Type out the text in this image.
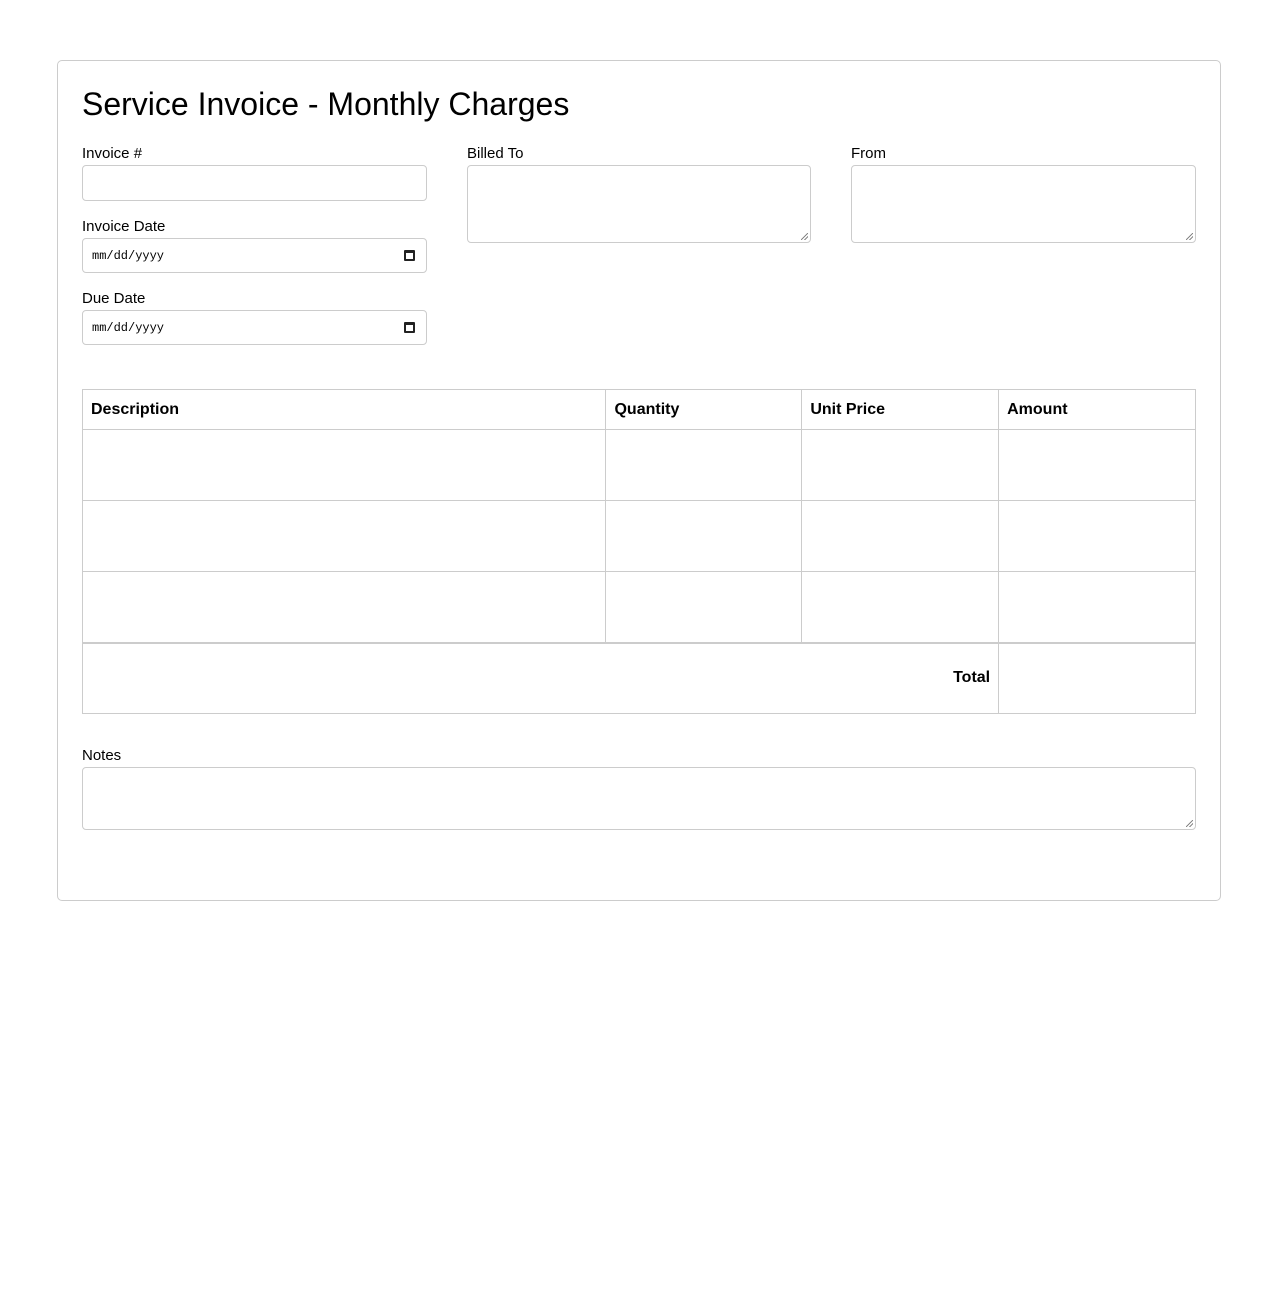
Service Invoice - Monthly Charges
Invoice #
Invoice Date
mm/dd/yyyy
Due Date
mm/dd/yyyy
Billed To	From
Description	Quantity	Unit Price	Amount

Total			
Notes
